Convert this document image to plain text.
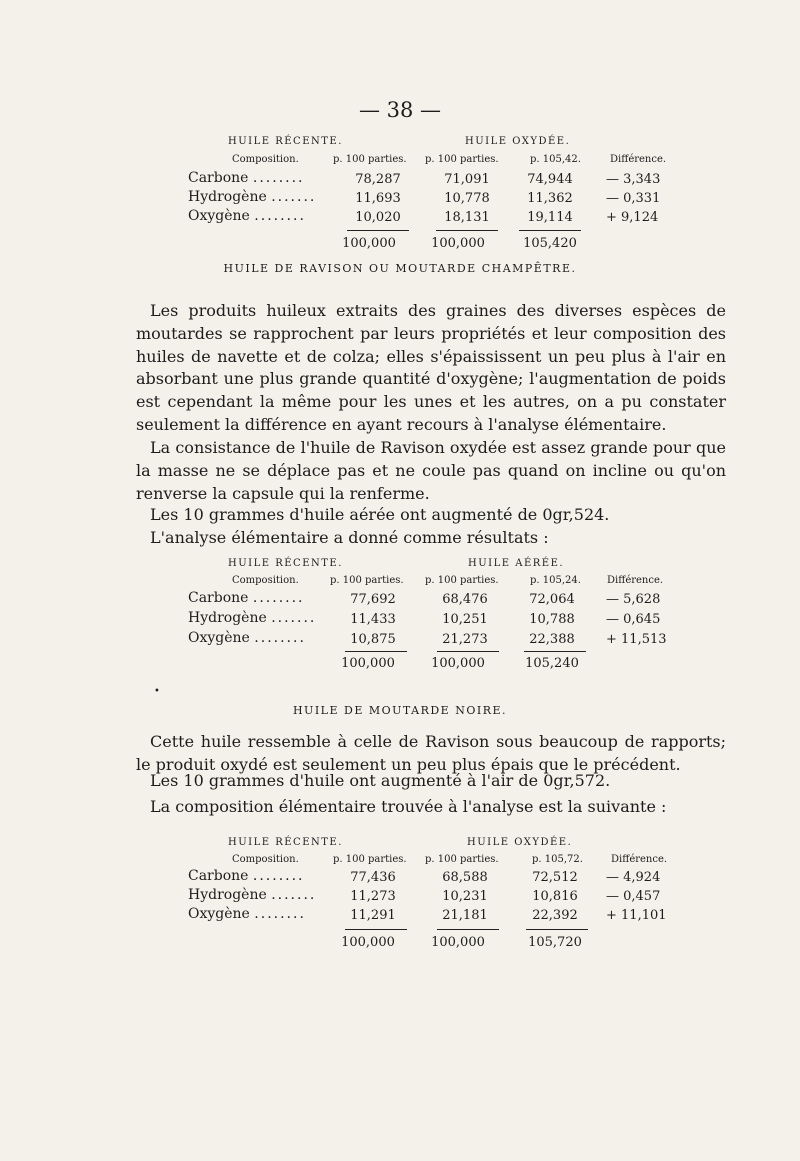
— 38 —
HUILE RÉCENTE.	HUILE OXYDÉE.
Composition.	p. 100 parties. p. 100 parties.	p. 105,42.	Différence.
Carbone ........	78,287	71,091	74,944	— 3,343
Hydrogène .......	11,693	10,778	11,362	— 0,331
Oxygène ........	10,020	18,131	19,114	+ 9,124
100,000	100,000	105,420
HUILE DE RAVISON OU MOUTARDE CHAMPÊTRE.

Les produits huileux extraits des graines des diverses espèces de moutardes se rapprochent par leurs propriétés et leur composition des huiles de navette et de colza; elles s'épaississent un peu plus à l'air en absorbant une plus grande quantité d'oxygène; l'augmentation de poids est cependant la même pour les unes et les autres, on a pu constater seulement la différence en ayant recours à l'analyse élémentaire.

La consistance de l'huile de Ravison oxydée est assez grande pour que la masse ne se déplace pas et ne coule pas quand on incline ou qu'on renverse la capsule qui la renferme.

Les 10 grammes d'huile aérée ont augmenté de 0gr,524.

L'analyse élémentaire a donné comme résultats :

HUILE RÉCENTE.	HUILE AÉRÉE.
Composition.	p. 100 parties. p. 100 parties.	p. 105,24.	Différence.
Carbone ........	77,692	68,476	72,064	— 5,628
Hydrogène .......	11,433	10,251	10,788	— 0,645
Oxygène ........	10,875	21,273	22,388	+ 11,513
100,000	100,000	105,240
•
HUILE DE MOUTARDE NOIRE.

Cette huile ressemble à celle de Ravison sous beaucoup de rapports; le produit oxydé est seulement un peu plus épais que le précédent.

Les 10 grammes d'huile ont augmenté à l'air de 0gr,572.

La composition élémentaire trouvée à l'analyse est la suivante :

HUILE RÉCENTE.	HUILE OXYDÉE.
Composition.	p. 100 parties. p. 100 parties.	p. 105,72.	Différence.
Carbone ........	77,436	68,588	72,512	— 4,924
Hydrogène .......	11,273	10,231	10,816	— 0,457
Oxygène ........	11,291	21,181	22,392	+ 11,101
100,000	100,000	105,720
